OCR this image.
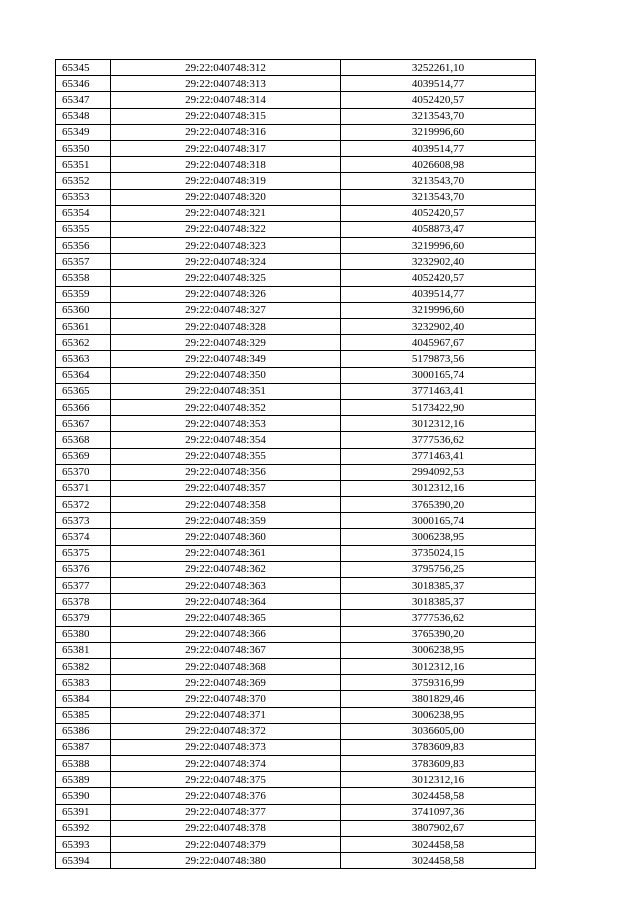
65345	29:22:040748:312	3252261,10
65346	29:22:040748:313	4039514,77
65347	29:22:040748:314	4052420,57
65348	29:22:040748:315	3213543,70
65349	29:22:040748:316	3219996,60
65350	29:22:040748:317	4039514,77
65351	29:22:040748:318	4026608,98
65352	29:22:040748:319	3213543,70
65353	29:22:040748:320	3213543,70
65354	29:22:040748:321	4052420,57
65355	29:22:040748:322	4058873,47
65356	29:22:040748:323	3219996,60
65357	29:22:040748:324	3232902,40
65358	29:22:040748:325	4052420,57
65359	29:22:040748:326	4039514,77
65360	29:22:040748:327	3219996,60
65361	29:22:040748:328	3232902,40
65362	29:22:040748:329	4045967,67
65363	29:22:040748:349	5179873,56
65364	29:22:040748:350	3000165,74
65365	29:22:040748:351	3771463,41
65366	29:22:040748:352	5173422,90
65367	29:22:040748:353	3012312,16
65368	29:22:040748:354	3777536,62
65369	29:22:040748:355	3771463,41
65370	29:22:040748:356	2994092,53
65371	29:22:040748:357	3012312,16
65372	29:22:040748:358	3765390,20
65373	29:22:040748:359	3000165,74
65374	29:22:040748:360	3006238,95
65375	29:22:040748:361	3735024,15
65376	29:22:040748:362	3795756,25
65377	29:22:040748:363	3018385,37
65378	29:22:040748:364	3018385,37
65379	29:22:040748:365	3777536,62
65380	29:22:040748:366	3765390,20
65381	29:22:040748:367	3006238,95
65382	29:22:040748:368	3012312,16
65383	29:22:040748:369	3759316,99
65384	29:22:040748:370	3801829,46
65385	29:22:040748:371	3006238,95
65386	29:22:040748:372	3036605,00
65387	29:22:040748:373	3783609,83
65388	29:22:040748:374	3783609,83
65389	29:22:040748:375	3012312,16
65390	29:22:040748:376	3024458,58
65391	29:22:040748:377	3741097,36
65392	29:22:040748:378	3807902,67
65393	29:22:040748:379	3024458,58
65394	29:22:040748:380	3024458,58
